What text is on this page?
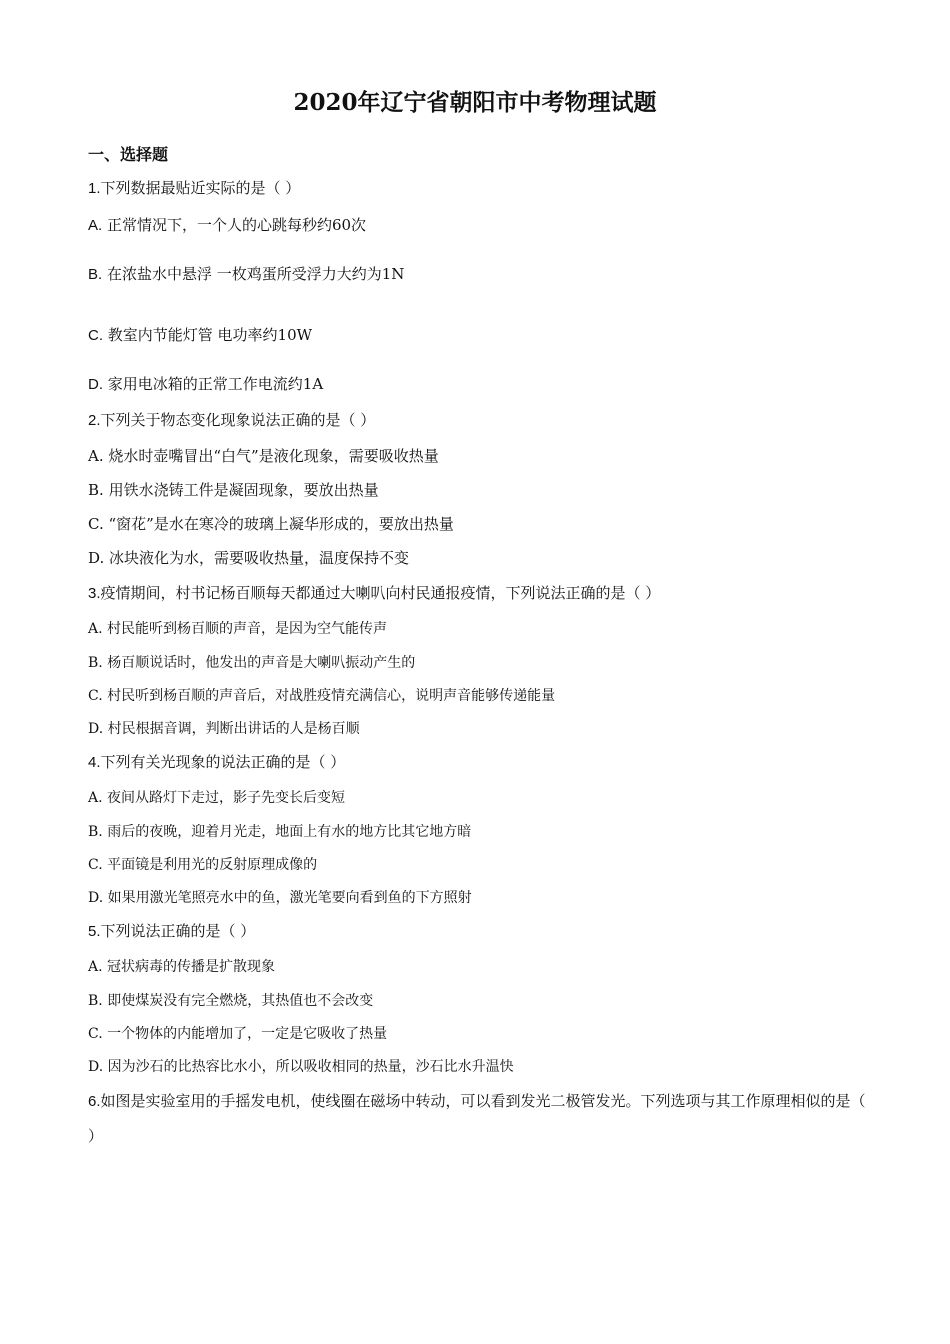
2020年辽宁省朝阳市中考物理试题
一、选择题
1.下列数据最贴近实际的是（ ）
A. 正常情况下，一个人的心跳每秒约60次
B. 在浓盐水中悬浮 一枚鸡蛋所受浮力大约为1N
C. 教室内节能灯管 电功率约10W
D. 家用电冰箱的正常工作电流约1A
2.下列关于物态变化现象说法正确的是（ ）
A. 烧水时壶嘴冒出“白气”是液化现象，需要吸收热量
B. 用铁水浇铸工件是凝固现象，要放出热量
C. “窗花”是水在寒冷的玻璃上凝华形成的，要放出热量
D. 冰块液化为水，需要吸收热量，温度保持不变
3.疫情期间，村书记杨百顺每天都通过大喇叭向村民通报疫情，下列说法正确的是（ ）
A. 村民能听到杨百顺的声音，是因为空气能传声
B. 杨百顺说话时，他发出的声音是大喇叭振动产生的
C. 村民听到杨百顺的声音后，对战胜疫情充满信心，说明声音能够传递能量
D. 村民根据音调，判断出讲话的人是杨百顺
4.下列有关光现象的说法正确的是（ ）
A. 夜间从路灯下走过，影子先变长后变短
B. 雨后的夜晚，迎着月光走，地面上有水的地方比其它地方暗
C. 平面镜是利用光的反射原理成像的
D. 如果用激光笔照亮水中的鱼，激光笔要向看到鱼的下方照射
5.下列说法正确的是（ ）
A. 冠状病毒的传播是扩散现象
B. 即使煤炭没有完全燃烧，其热值也不会改变
C. 一个物体的内能增加了，一定是它吸收了热量
D. 因为沙石的比热容比水小，所以吸收相同的热量，沙石比水升温快
6.如图是实验室用的手摇发电机，使线圈在磁场中转动，可以看到发光二极管发光。下列选项与其工作原理相似的是（ ）
